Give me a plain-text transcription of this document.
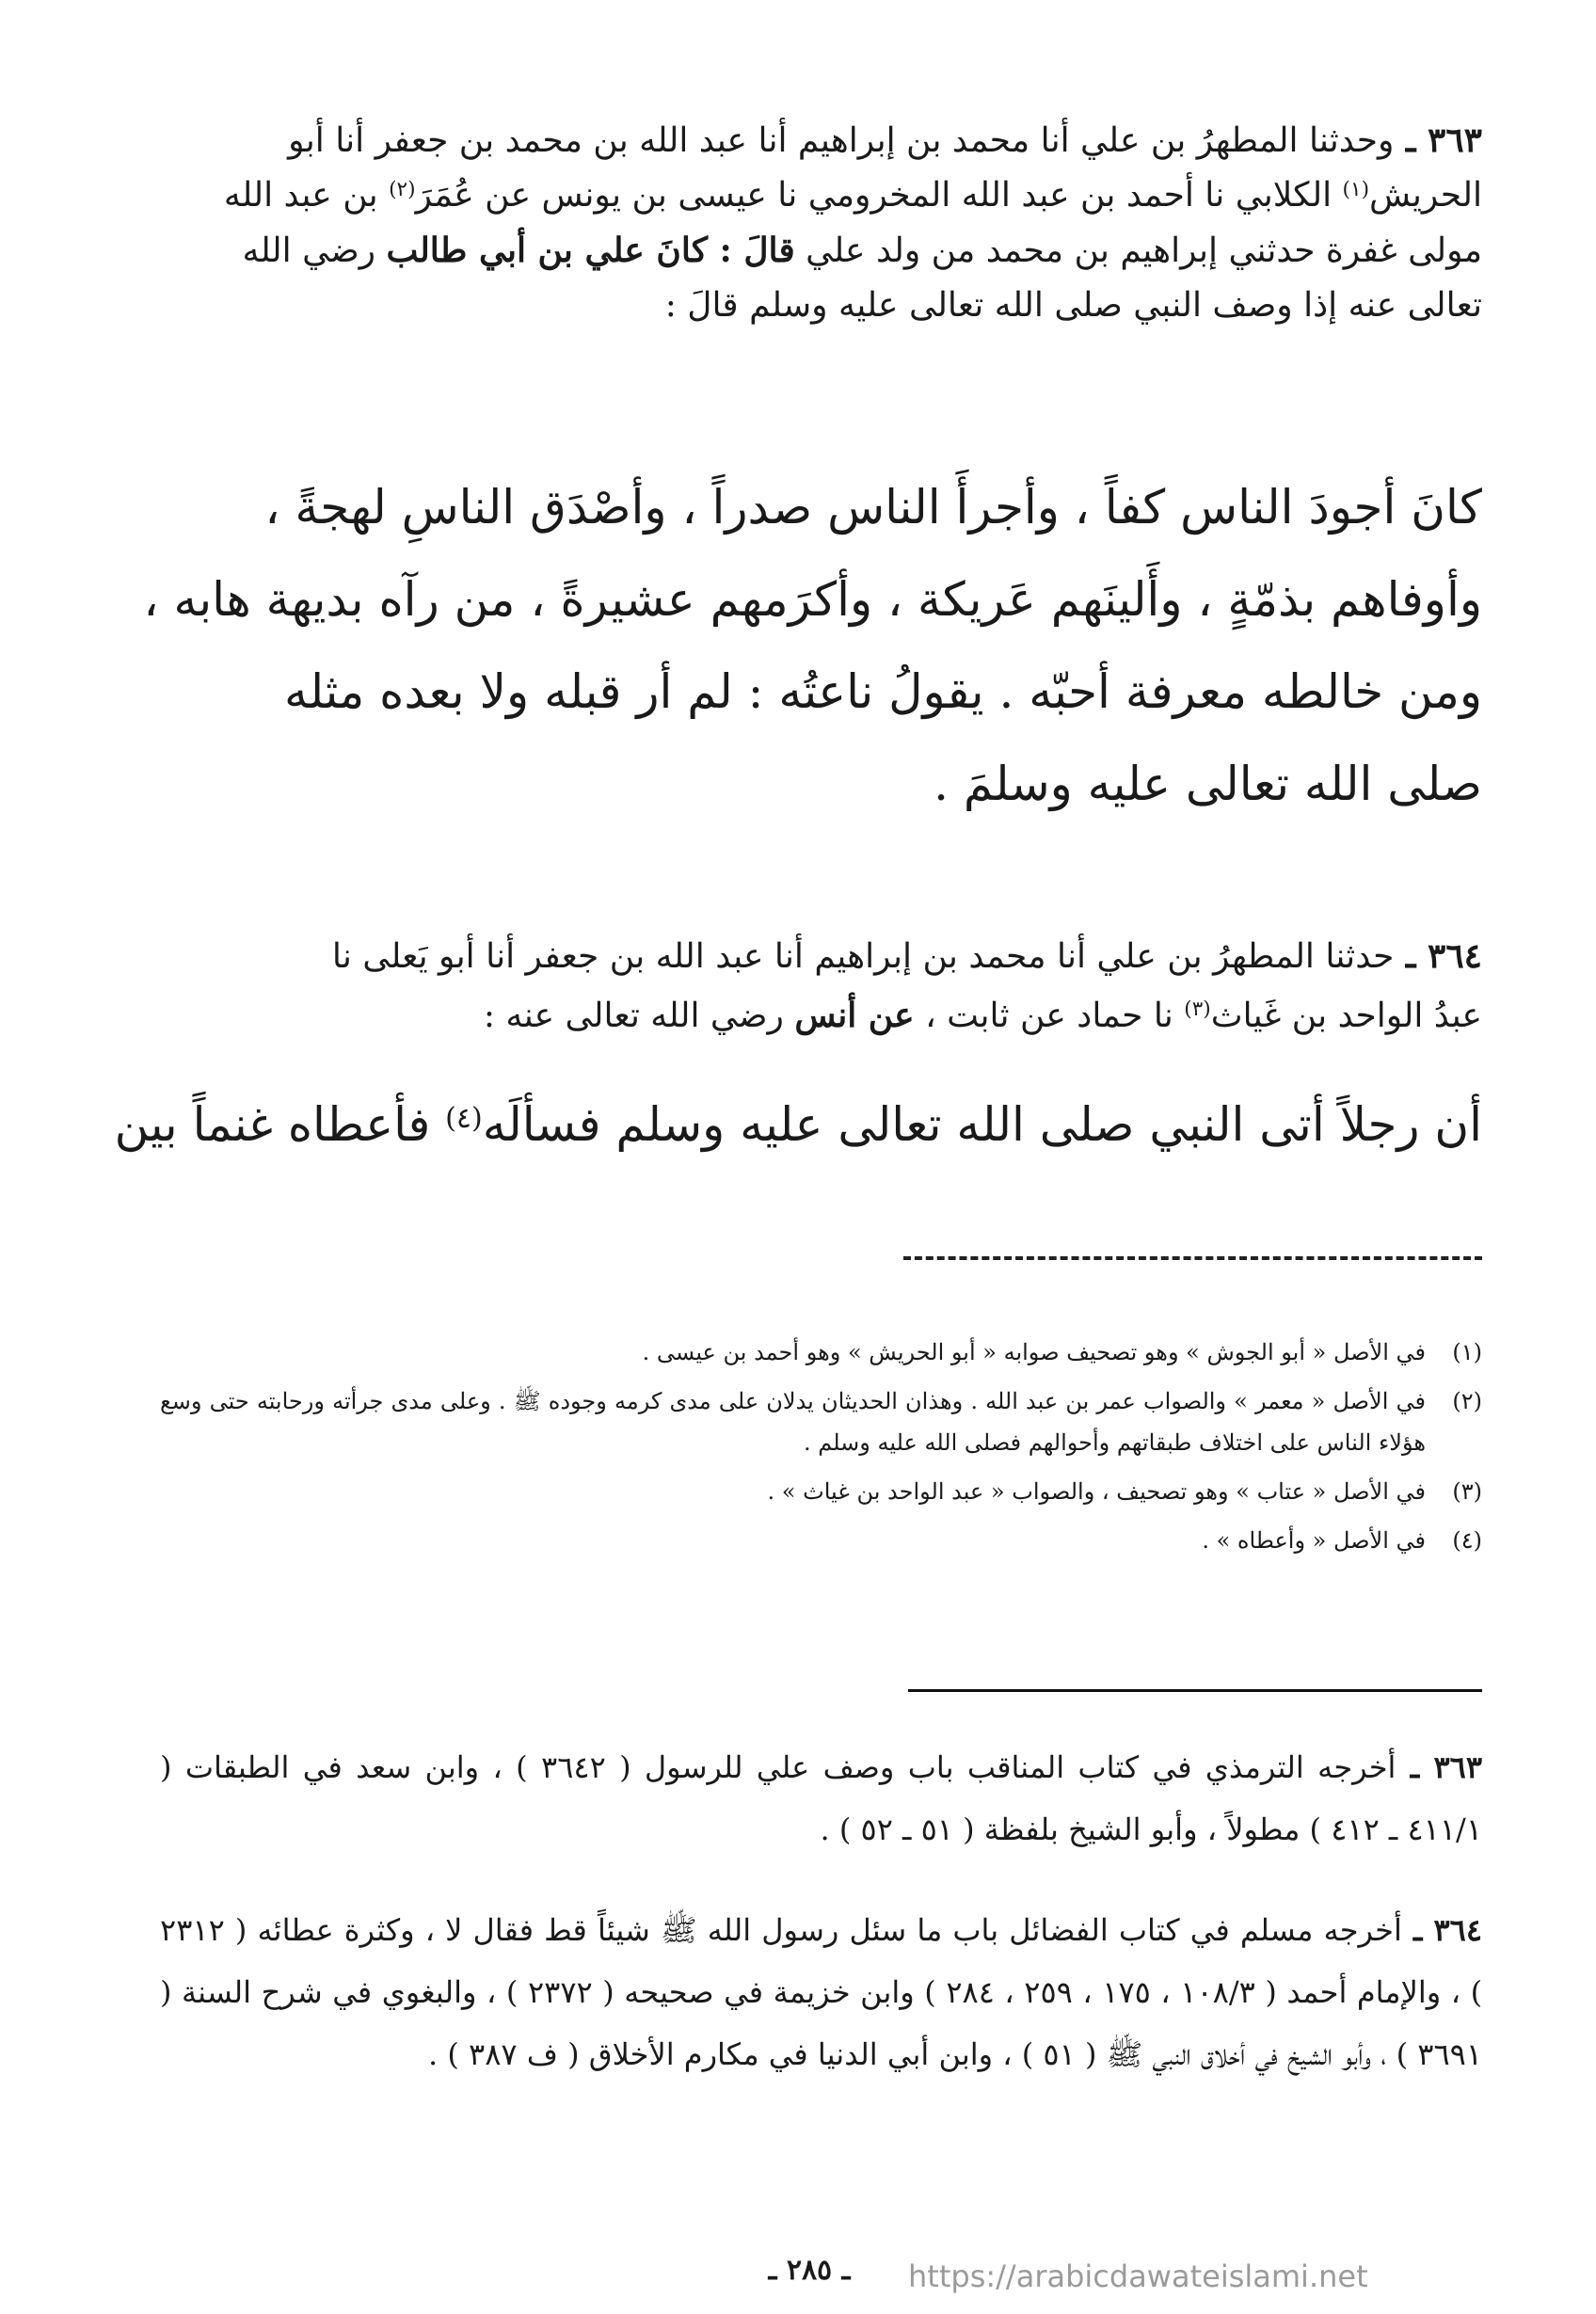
٣٦٣ ـ وحدثنا المطهرُ بن علي أنا محمد بن إبراهيم أنا عبد الله بن محمد بن جعفر أنا أبو
الحريش$^{(١)}$ الكلابي نا أحمد بن عبد الله المخرومي نا عيسى بن يونس عن عُمَرَ$^{(٢)}$ بن عبد الله
مولى غفرة حدثني إبراهيم بن محمد من ولد علي قالَ : كانَ علي بن أبي طالب رضي الله
تعالى عنه إذا وصف النبي صلى الله تعالى عليه وسلم قالَ :
كانَ أجودَ الناس كفاً ، وأجرأَ الناس صدراً ، وأصْدَق الناسِ لهجةً ،
وأوفاهم بذمّةٍ ، وأَلينَهم عَريكة ، وأكرَمهم عشيرةً ، من رآه بديهة هابه ،
ومن خالطه معرفة أحبّه . يقولُ ناعتُه : لم أر قبله ولا بعده مثله
صلى الله تعالى عليه وسلمَ .
٣٦٤ ـ حدثنا المطهرُ بن علي أنا محمد بن إبراهيم أنا عبد الله بن جعفر أنا أبو يَعلى نا
عبدُ الواحد بن غَياث$^{(٣)}$ نا حماد عن ثابت ، عن أنس رضي الله تعالى عنه :
أن رجلاً أتى النبي صلى الله تعالى عليه وسلم فسألَه$^{(٤)}$ فأعطاه غنماً بين
(١)
في الأصل « أبو الجوش » وهو تصحيف صوابه « أبو الحريش » وهو أحمد بن عيسى .
(٢)
في الأصل « معمر » والصواب عمر بن عبد الله . وهذان الحديثان يدلان على مدى كرمه وجوده ﷺ . وعلى مدى جرأته ورحابته حتى وسع هؤلاء الناس على اختلاف طبقاتهم وأحوالهم فصلى الله عليه وسلم .
(٣)
في الأصل « عتاب » وهو تصحيف ، والصواب « عبد الواحد بن غياث » .
(٤)
في الأصل « وأعطاه » .
٣٦٣ ـ أخرجه الترمذي في كتاب المناقب باب وصف علي للرسول ( ٣٦٤٢ ) ، وابن سعد في الطبقات ( ٤١١/١ ـ ٤١٢ ) مطولاً ، وأبو الشيخ بلفظة ( ٥١ ـ ٥٢ ) .
٣٦٤ ـ أخرجه مسلم في كتاب الفضائل باب ما سئل رسول الله ﷺ شيئاً قط فقال لا ، وكثرة عطائه ( ٢٣١٢ ) ، والإمام أحمد ( ١٠٨/٣ ، ١٧٥ ، ٢٥٩ ، ٢٨٤ ) وابن خزيمة في صحيحه ( ٢٣٧٢ ) ، والبغوي في شرح السنة ( ٣٦٩١ ) ، وأبو الشيخ في أخلاق النبي ﷺ ( ٥١ ) ، وابن أبي الدنيا في مكارم الأخلاق ( ف ٣٨٧ ) .
ـ ٢٨٥ ـ	https://arabicdawateislami.net
